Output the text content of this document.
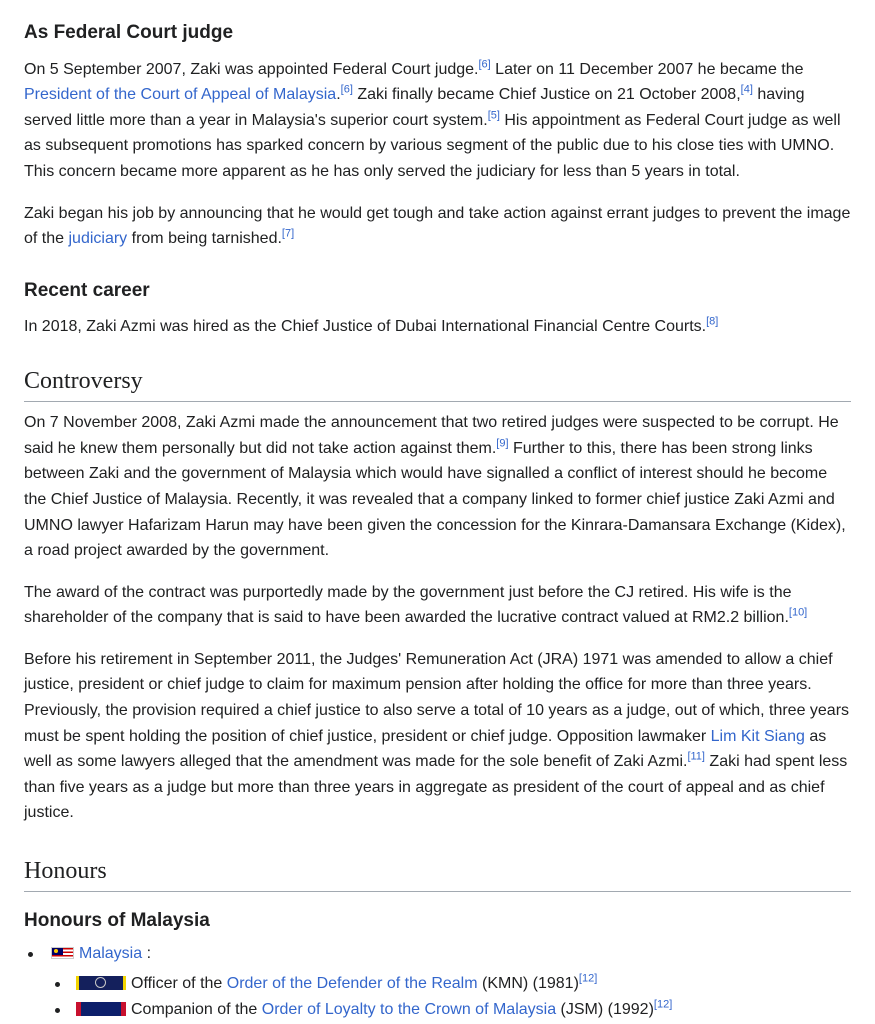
As Federal Court judge

On 5 September 2007, Zaki was appointed Federal Court judge.[6] Later on 11 December 2007 he became the President of the Court of Appeal of Malaysia.[6] Zaki finally became Chief Justice on 21 October 2008,[4] having served little more than a year in Malaysia's superior court system.[5] His appointment as Federal Court judge as well as subsequent promotions has sparked concern by various segment of the public due to his close ties with UMNO. This concern became more apparent as he has only served the judiciary for less than 5 years in total.

Zaki began his job by announcing that he would get tough and take action against errant judges to prevent the image of the judiciary from being tarnished.[7]

Recent career

In 2018, Zaki Azmi was hired as the Chief Justice of Dubai International Financial Centre Courts.[8]

Controversy

On 7 November 2008, Zaki Azmi made the announcement that two retired judges were suspected to be corrupt. He said he knew them personally but did not take action against them.[9] Further to this, there has been strong links between Zaki and the government of Malaysia which would have signalled a conflict of interest should he become the Chief Justice of Malaysia. Recently, it was revealed that a company linked to former chief justice Zaki Azmi and UMNO lawyer Hafarizam Harun may have been given the concession for the Kinrara-Damansara Exchange (Kidex), a road project awarded by the government.

The award of the contract was purportedly made by the government just before the CJ retired. His wife is the shareholder of the company that is said to have been awarded the lucrative contract valued at RM2.2 billion.[10]

Before his retirement in September 2011, the Judges' Remuneration Act (JRA) 1971 was amended to allow a chief justice, president or chief judge to claim for maximum pension after holding the office for more than three years. Previously, the provision required a chief justice to also serve a total of 10 years as a judge, out of which, three years must be spent holding the position of chief justice, president or chief judge. Opposition lawmaker Lim Kit Siang as well as some lawyers alleged that the amendment was made for the sole benefit of Zaki Azmi.[11] Zaki had spent less than five years as a judge but more than three years in aggregate as president of the court of appeal and as chief justice.

Honours
Honours of Malaysia
Malaysia :
Officer of the Order of the Defender of the Realm (KMN) (1981)[12]
Companion of the Order of Loyalty to the Crown of Malaysia (JSM) (1992)[12]
